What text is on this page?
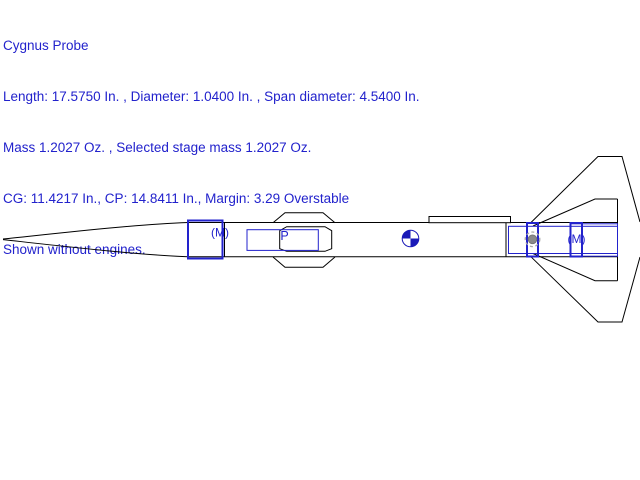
Cygnus Probe

Length: 17.5750 In. , Diameter: 1.0400 In. , Span diameter: 4.5400 In.

Mass 1.2027 Oz. , Selected stage mass 1.2027 Oz.

CG: 11.4217 In., CP: 14.8411 In., Margin: 3.29 Overstable

Shown without engines.

(M)	P	(M)
